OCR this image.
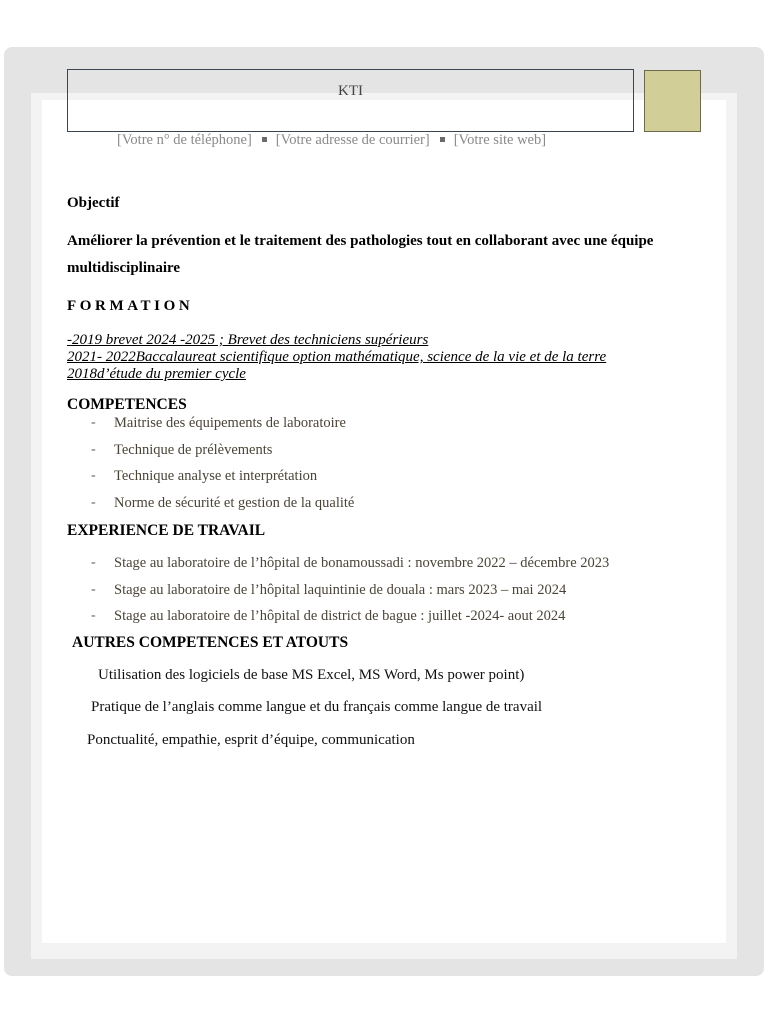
KTI
[Votre n° de téléphone] [Votre adresse de courrier] [Votre site web]
Objectif
Améliorer la prévention et le traitement des pathologies tout en collaborant avec une équipe multidisciplinaire
FORMATION
-2019 brevet 2024 -2025 ; Brevet des techniciens supérieurs
2021- 2022Baccalaureat scientifique option mathématique, science de la vie et de la terre
2018d’étude du premier cycle
COMPETENCES
- Maitrise des équipements de laboratoire
- Technique de prélèvements
- Technique analyse et interprétation
- Norme de sécurité et gestion de la qualité
EXPERIENCE DE TRAVAIL
- Stage au laboratoire de l’hôpital de bonamoussadi : novembre 2022 – décembre 2023
- Stage au laboratoire de l’hôpital laquintinie de douala : mars 2023 – mai 2024
- Stage au laboratoire de l’hôpital de district de bague : juillet -2024- aout 2024
AUTRES COMPETENCES ET ATOUTS
Utilisation des logiciels de base MS Excel, MS Word, Ms power point)
Pratique de l’anglais comme langue et du français comme langue de travail
Ponctualité, empathie, esprit d’équipe, communication
